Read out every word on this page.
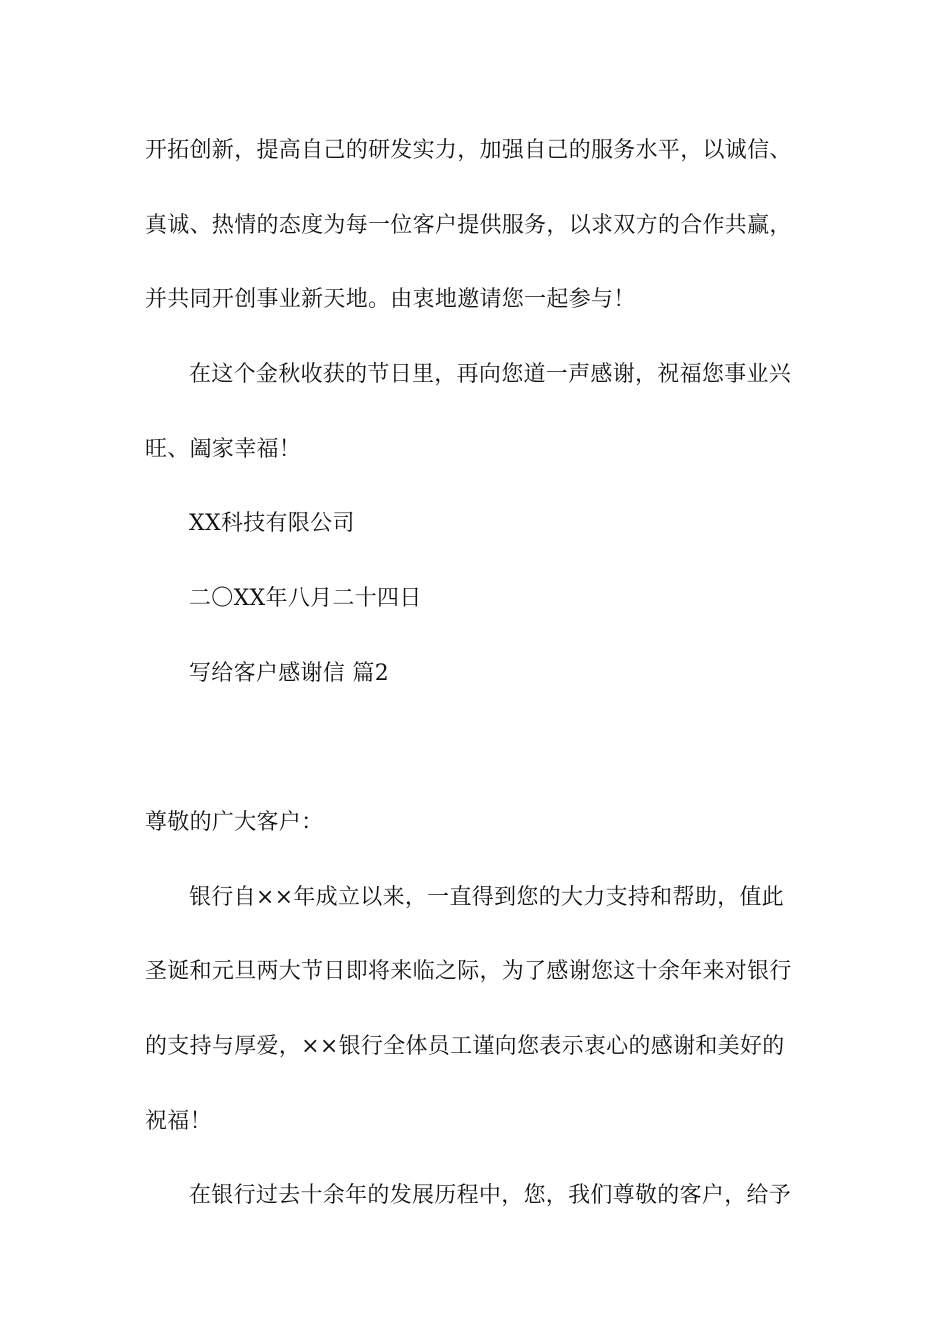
开拓创新，提高自己的研发实力，加强自己的服务水平，以诚信、
真诚、热情的态度为每一位客户提供服务，以求双方的合作共赢，
并共同开创事业新天地。由衷地邀请您一起参与！
在这个金秋收获的节日里，再向您道一声感谢，祝福您事业兴
旺、阖家幸福！
XX科技有限公司
二〇XX年八月二十四日
写给客户感谢信 篇2
尊敬的广大客户：
银行自××年成立以来，一直得到您的大力支持和帮助，值此
圣诞和元旦两大节日即将来临之际，为了感谢您这十余年来对银行
的支持与厚爱，××银行全体员工谨向您表示衷心的感谢和美好的
祝福！
在银行过去十余年的发展历程中，您，我们尊敬的客户，给予
